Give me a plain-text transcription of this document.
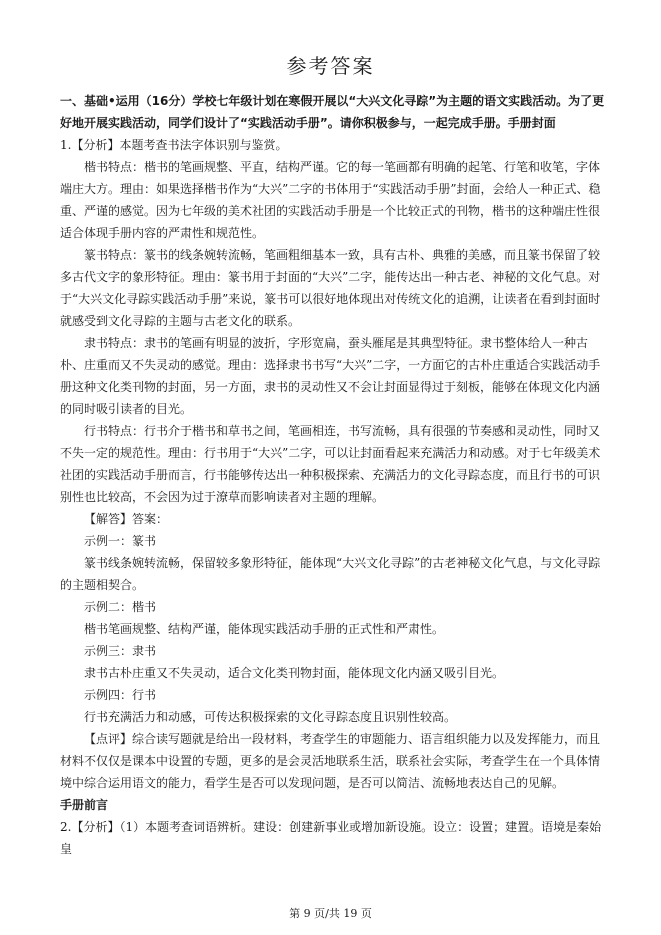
参考答案

一、基础•运用（16分）学校七年级计划在寒假开展以“大兴文化寻踪”为主题的语文实践活动。为了更好地开展实践活动，同学们设计了“实践活动手册”。请你积极参与，一起完成手册。手册封面

1.【分析】本题考查书法字体识别与鉴赏。

楷书特点：楷书的笔画规整、平直，结构严谨。它的每一笔画都有明确的起笔、行笔和收笔，字体端庄大方。理由：如果选择楷书作为“大兴”二字的书体用于“实践活动手册”封面，会给人一种正式、稳重、严谨的感觉。因为七年级的美术社团的实践活动手册是一个比较正式的刊物，楷书的这种端庄性很适合体现手册内容的严肃性和规范性。

篆书特点：篆书的线条婉转流畅，笔画粗细基本一致，具有古朴、典雅的美感，而且篆书保留了较多古代文字的象形特征。理由：篆书用于封面的“大兴”二字，能传达出一种古老、神秘的文化气息。对于“大兴文化寻踪实践活动手册”来说，篆书可以很好地体现出对传统文化的追溯，让读者在看到封面时就感受到文化寻踪的主题与古老文化的联系。

隶书特点：隶书的笔画有明显的波折，字形宽扁，蚕头雁尾是其典型特征。隶书整体给人一种古朴、庄重而又不失灵动的感觉。理由：选择隶书书写“大兴”二字，一方面它的古朴庄重适合实践活动手册这种文化类刊物的封面，另一方面，隶书的灵动性又不会让封面显得过于刻板，能够在体现文化内涵的同时吸引读者的目光。

行书特点：行书介于楷书和草书之间，笔画相连，书写流畅，具有很强的节奏感和灵动性，同时又不失一定的规范性。理由：行书用于“大兴”二字，可以让封面看起来充满活力和动感。对于七年级美术社团的实践活动手册而言，行书能够传达出一种积极探索、充满活力的文化寻踪态度，而且行书的可识别性也比较高，不会因为过于潦草而影响读者对主题的理解。

【解答】答案：

示例一：篆书

篆书线条婉转流畅，保留较多象形特征，能体现“大兴文化寻踪”的古老神秘文化气息，与文化寻踪的主题相契合。

示例二：楷书

楷书笔画规整、结构严谨，能体现实践活动手册的正式性和严肃性。

示例三：隶书

隶书古朴庄重又不失灵动，适合文化类刊物封面，能体现文化内涵又吸引目光。

示例四：行书

行书充满活力和动感，可传达积极探索的文化寻踪态度且识别性较高。

【点评】综合读写题就是给出一段材料，考查学生的审题能力、语言组织能力以及发挥能力，而且材料不仅仅是课本中设置的专题，更多的是会灵活地联系生活，联系社会实际，考查学生在一个具体情境中综合运用语文的能力，看学生是否可以发现问题，是否可以简洁、流畅地表达自己的见解。

手册前言

2.【分析】（1）本题考查词语辨析。建设：创建新事业或增加新设施。设立：设置；建置。语境是秦始皇

第 9 页/共 19 页
